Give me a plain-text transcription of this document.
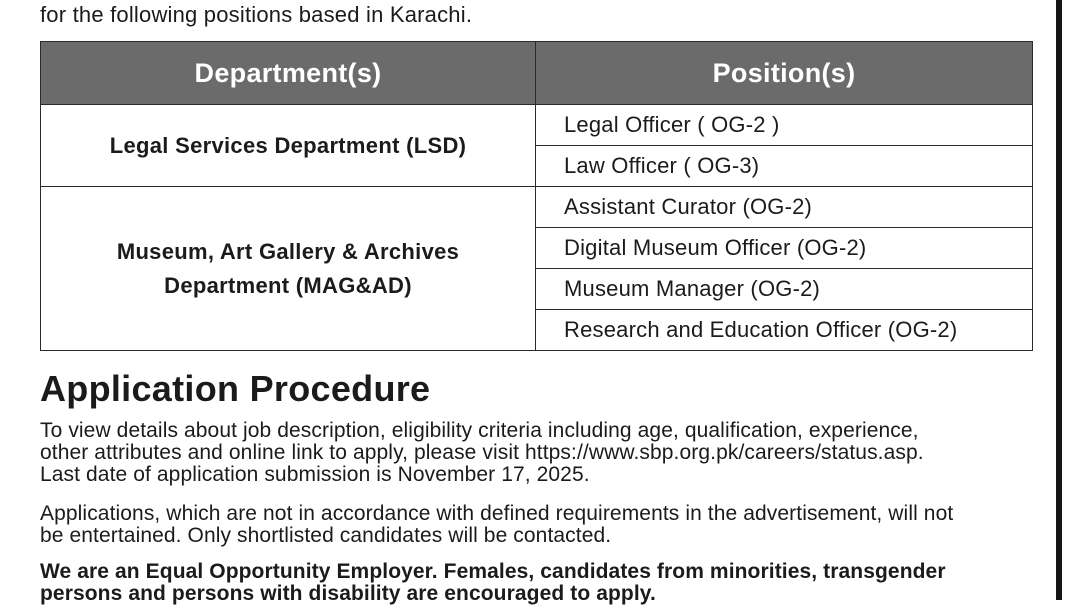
for the following positions based in Karachi.
Department(s)	Position(s)
Legal Services Department (LSD)	Legal Officer ( OG-2 )
	Law Officer ( OG-3)
Museum, Art Gallery & Archives
Department (MAG&AD)	Assistant Curator (OG-2)
	Digital Museum Officer (OG-2)
	Museum Manager (OG-2)
	Research and Education Officer (OG-2)
Application Procedure
To view details about job description, eligibility criteria including age, qualification, experience,
other attributes and online link to apply, please visit https://www.sbp.org.pk/careers/status.asp.
Last date of application submission is November 17, 2025.
Applications, which are not in accordance with defined requirements in the advertisement, will not
be entertained. Only shortlisted candidates will be contacted.
We are an Equal Opportunity Employer. Females, candidates from minorities, transgender
persons and persons with disability are encouraged to apply.
